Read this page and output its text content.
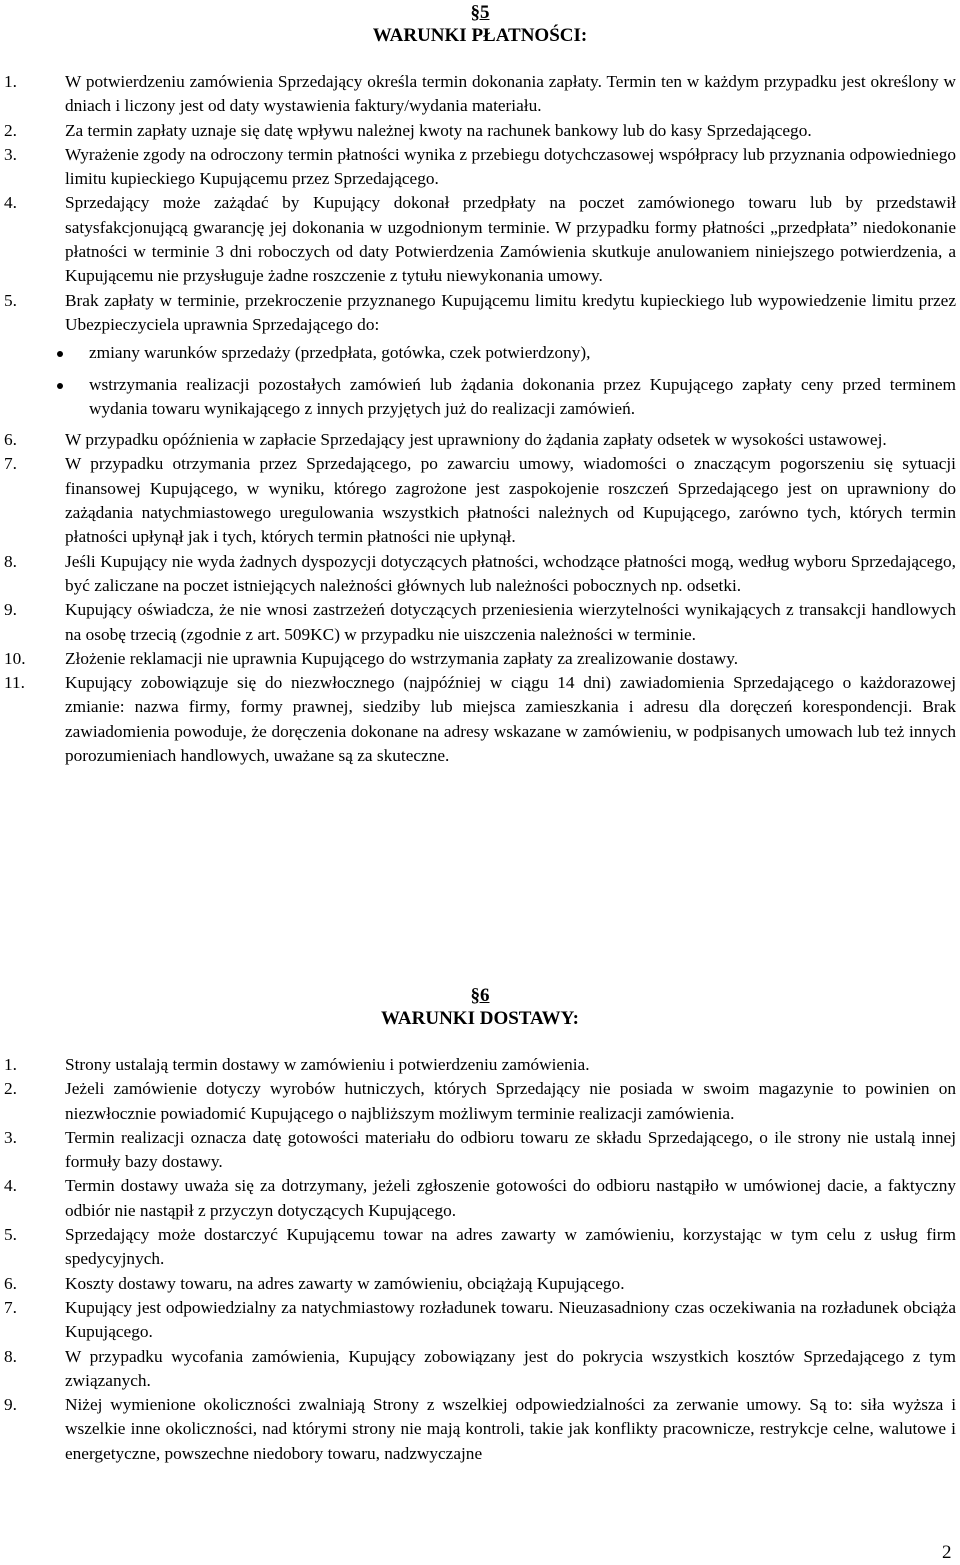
§5
WARUNKI PŁATNOŚCI:
1.	W potwierdzeniu zamówienia Sprzedający określa termin dokonania zapłaty. Termin ten w każdym przypadku jest określony w dniach i liczony jest od daty wystawienia faktury/wydania materiału.
2.	Za termin zapłaty uznaje się datę wpływu należnej kwoty na rachunek bankowy lub do kasy Sprzedającego.
3.	Wyrażenie zgody na odroczony termin płatności wynika z przebiegu dotychczasowej współpracy lub przyznania odpowiedniego limitu kupieckiego Kupującemu przez Sprzedającego.
4.	Sprzedający może zażądać by Kupujący dokonał przedpłaty na poczet zamówionego towaru lub by przedstawił satysfakcjonującą gwarancję jej dokonania w uzgodnionym terminie. W przypadku formy płatności „przedpłata” niedokonanie płatności w terminie 3 dni roboczych od daty Potwierdzenia Zamówienia skutkuje anulowaniem niniejszego potwierdzenia, a Kupującemu nie przysługuje żadne roszczenie z tytułu niewykonania umowy.
5.	Brak zapłaty w terminie, przekroczenie przyznanego Kupującemu limitu kredytu kupieckiego lub wypowiedzenie limitu przez Ubezpieczyciela uprawnia Sprzedającego do:
zmiany warunków sprzedaży (przedpłata, gotówka, czek potwierdzony),
wstrzymania realizacji pozostałych zamówień lub żądania dokonania przez Kupującego zapłaty ceny przed terminem wydania towaru wynikającego z innych przyjętych już do realizacji zamówień.
6.	W przypadku opóźnienia w zapłacie Sprzedający jest uprawniony do żądania zapłaty odsetek w wysokości ustawowej.
7.	W przypadku otrzymania przez Sprzedającego, po zawarciu umowy, wiadomości o znaczącym pogorszeniu się sytuacji finansowej Kupującego, w wyniku, którego zagrożone jest zaspokojenie roszczeń Sprzedającego jest on uprawniony do zażądania natychmiastowego uregulowania wszystkich płatności należnych od Kupującego, zarówno tych, których termin płatności upłynął jak i tych, których termin płatności nie upłynął.
8.	Jeśli Kupujący nie wyda żadnych dyspozycji dotyczących płatności, wchodzące płatności mogą, według wyboru Sprzedającego, być zaliczane na poczet istniejących należności głównych lub należności pobocznych np. odsetki.
9.	Kupujący oświadcza, że nie wnosi zastrzeżeń dotyczących przeniesienia wierzytelności wynikających z transakcji handlowych na osobę trzecią (zgodnie z art. 509KC) w przypadku nie uiszczenia należności w terminie.
10. Złożenie reklamacji nie uprawnia Kupującego do wstrzymania zapłaty za zrealizowanie dostawy.
11. Kupujący zobowiązuje się do niezwłocznego (najpóźniej w ciągu 14 dni) zawiadomienia Sprzedającego o każdorazowej zmianie: nazwa firmy, formy prawnej, siedziby lub miejsca zamieszkania i adresu dla doręczeń korespondencji. Brak zawiadomienia powoduje, że doręczenia dokonane na adresy wskazane w zamówieniu, w podpisanych umowach lub też innych porozumieniach handlowych, uważane są za skuteczne.
§6
WARUNKI DOSTAWY:
1.	Strony ustalają termin dostawy w zamówieniu i potwierdzeniu zamówienia.
2.	Jeżeli zamówienie dotyczy wyrobów hutniczych, których Sprzedający nie posiada w swoim magazynie to powinien on niezwłocznie powiadomić Kupującego o najbliższym możliwym terminie realizacji zamówienia.
3.	Termin realizacji oznacza datę gotowości materiału do odbioru towaru ze składu Sprzedającego, o ile strony nie ustalą innej formuły bazy dostawy.
4.	Termin dostawy uważa się za dotrzymany, jeżeli zgłoszenie gotowości do odbioru nastąpiło w umówionej dacie, a faktyczny odbiór nie nastąpił z przyczyn dotyczących Kupującego.
5.	Sprzedający może dostarczyć Kupującemu towar na adres zawarty w zamówieniu, korzystając w tym celu z usług firm spedycyjnych.
6.	Koszty dostawy towaru, na adres zawarty w zamówieniu, obciążają Kupującego.
7.	Kupujący jest odpowiedzialny za natychmiastowy rozładunek towaru. Nieuzasadniony czas oczekiwania na rozładunek obciąża Kupującego.
8.	W przypadku wycofania zamówienia, Kupujący zobowiązany jest do pokrycia wszystkich kosztów Sprzedającego z tym związanych.
9.	Niżej wymienione okoliczności zwalniają Strony z wszelkiej odpowiedzialności za zerwanie umowy. Są to: siła wyższa i wszelkie inne okoliczności, nad którymi strony nie mają kontroli, takie jak konflikty pracownicze, restrykcje celne, walutowe i energetyczne, powszechne niedobory towaru, nadzwyczajne
2
